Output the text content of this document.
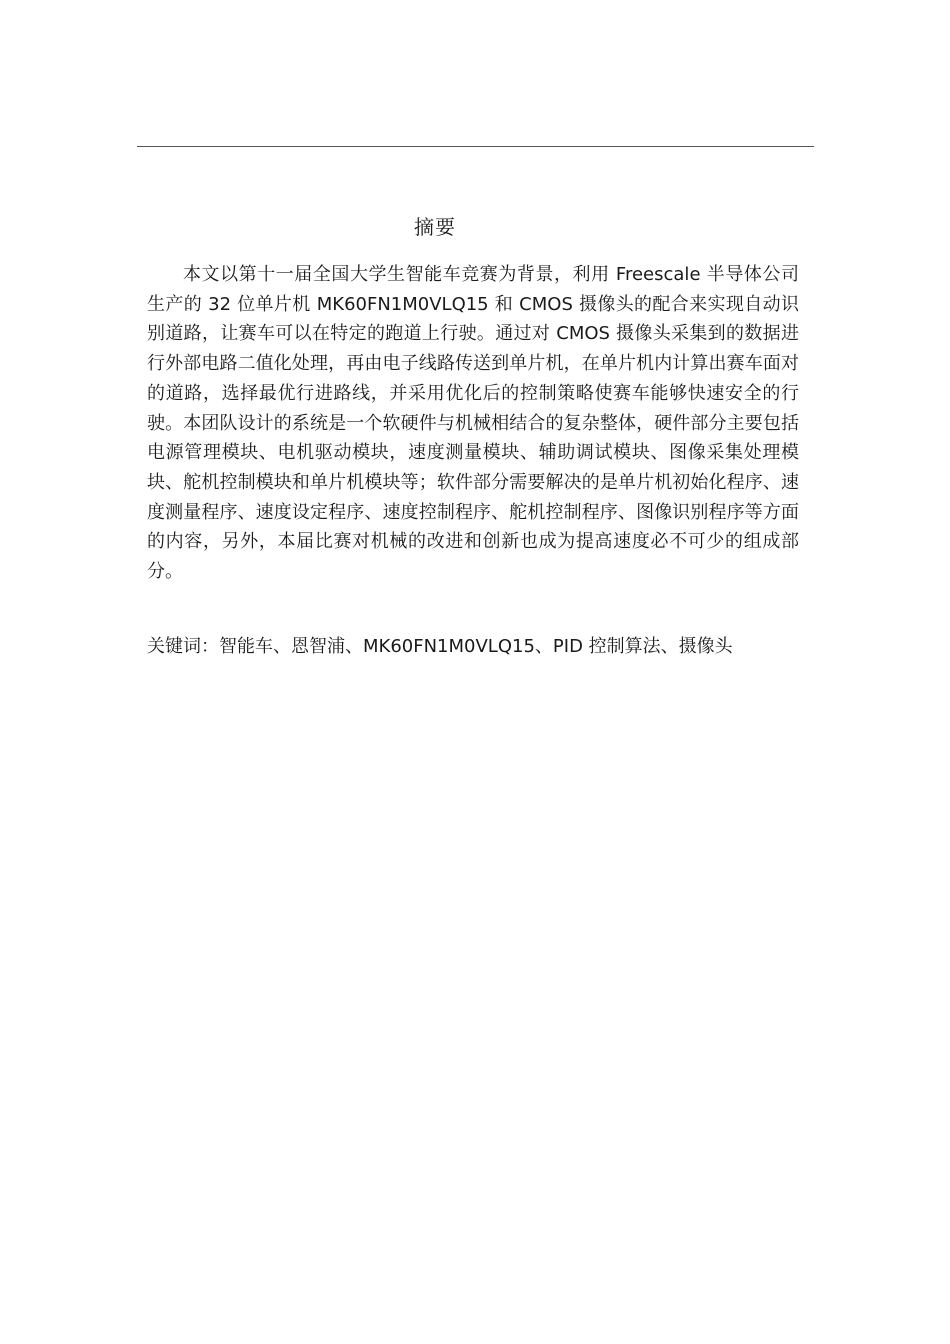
摘要

本文以第十一届全国大学生智能车竞赛为背景，利用 Freescale 半导体公司生产的 32 位单片机 MK60FN1M0VLQ15 和 CMOS 摄像头的配合来实现自动识别道路，让赛车可以在特定的跑道上行驶。通过对 CMOS 摄像头采集到的数据进行外部电路二值化处理，再由电子线路传送到单片机，在单片机内计算出赛车面对的道路，选择最优行进路线，并采用优化后的控制策略使赛车能够快速安全的行驶。本团队设计的系统是一个软硬件与机械相结合的复杂整体，硬件部分主要包括电源管理模块、电机驱动模块，速度测量模块、辅助调试模块、图像采集处理模块、舵机控制模块和单片机模块等；软件部分需要解决的是单片机初始化程序、速度测量程序、速度设定程序、速度控制程序、舵机控制程序、图像识别程序等方面的内容，另外，本届比赛对机械的改进和创新也成为提高速度必不可少的组成部分。

关键词：智能车、恩智浦、MK60FN1M0VLQ15、PID 控制算法、摄像头
